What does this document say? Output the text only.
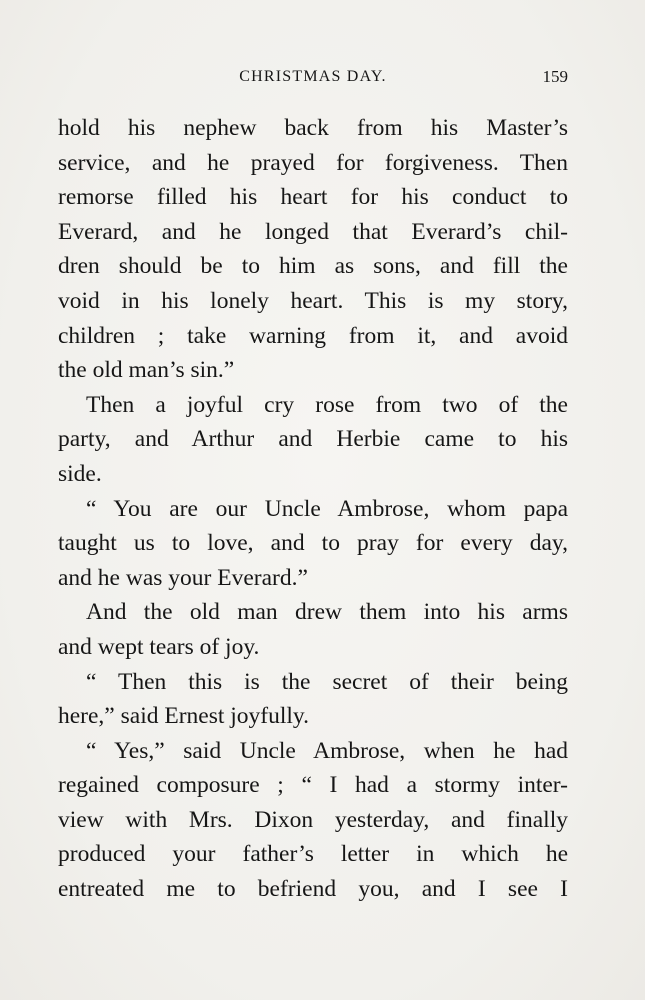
CHRISTMAS DAY.	159
hold his nephew back from his Master’s
service, and he prayed for forgiveness. Then
remorse filled his heart for his conduct to
Everard, and he longed that Everard’s chil-
dren should be to him as sons, and fill the
void in his lonely heart. This is my story,
children ; take warning from it, and avoid
the old man’s sin.”
Then a joyful cry rose from two of the
party, and Arthur and Herbie came to his
side.
“ You are our Uncle Ambrose, whom papa
taught us to love, and to pray for every day,
and he was your Everard.”
And the old man drew them into his arms
and wept tears of joy.
“ Then this is the secret of their being
here,” said Ernest joyfully.
“ Yes,” said Uncle Ambrose, when he had
regained composure ; “ I had a stormy inter-
view with Mrs. Dixon yesterday, and finally
produced your father’s letter in which he
entreated me to befriend you, and I see I
